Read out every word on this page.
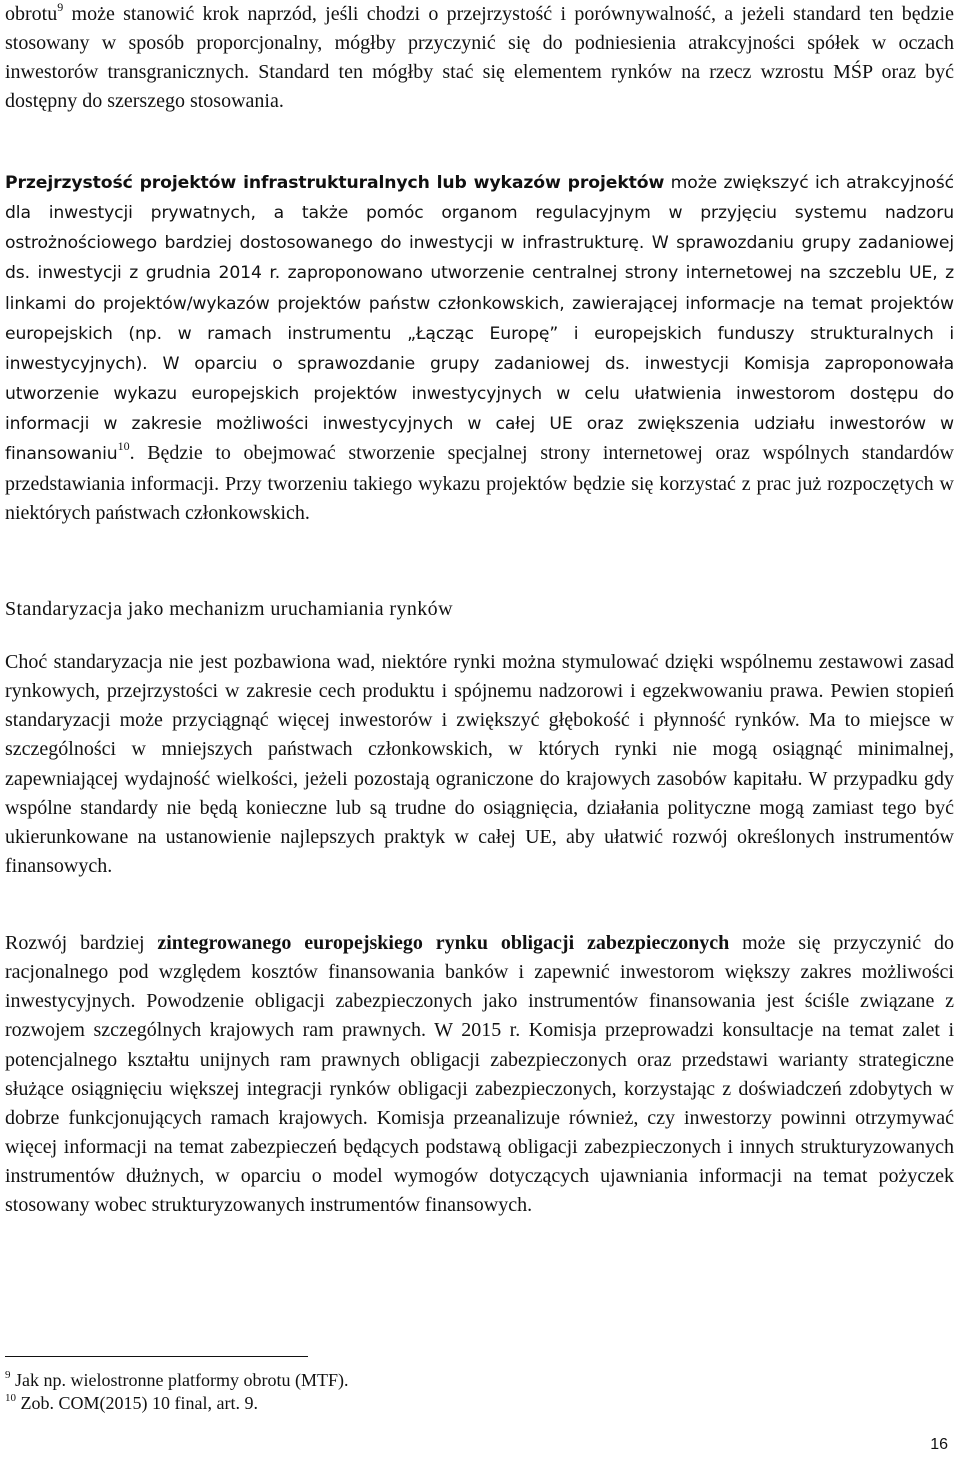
obrotu$^9$ może stanowić krok naprzód, jeśli chodzi o przejrzystość i porównywalność, a jeżeli standard ten będzie stosowany w sposób proporcjonalny, mógłby przyczynić się do podniesienia atrakcyjności spółek w oczach inwestorów transgranicznych. Standard ten mógłby stać się elementem rynków na rzecz wzrostu MŚP oraz być dostępny do szerszego stosowania.

Przejrzystość projektów infrastrukturalnych lub wykazów projektów może zwiększyć ich atrakcyjność dla inwestycji prywatnych, a także pomóc organom regulacyjnym w przyjęciu systemu nadzoru ostrożnościowego bardziej dostosowanego do inwestycji w infrastrukturę. W sprawozdaniu grupy zadaniowej ds. inwestycji z grudnia 2014 r. zaproponowano utworzenie centralnej strony internetowej na szczeblu UE, z linkami do projektów/wykazów projektów państw członkowskich, zawierającej informacje na temat projektów europejskich (np. w ramach instrumentu „Łącząc Europę” i europejskich funduszy strukturalnych i inwestycyjnych). W oparciu o sprawozdanie grupy zadaniowej ds. inwestycji Komisja zaproponowała utworzenie wykazu europejskich projektów inwestycyjnych w celu ułatwienia inwestorom dostępu do informacji w zakresie możliwości inwestycyjnych w całej UE oraz zwiększenia udziału inwestorów w finansowaniu$^{10}$. Będzie to obejmować stworzenie specjalnej strony internetowej oraz wspólnych standardów przedstawiania informacji. Przy tworzeniu takiego wykazu projektów będzie się korzystać z prac już rozpoczętych w niektórych państwach członkowskich.

Standaryzacja jako mechanizm uruchamiania rynków

Choć standaryzacja nie jest pozbawiona wad, niektóre rynki można stymulować dzięki wspólnemu zestawowi zasad rynkowych, przejrzystości w zakresie cech produktu i spójnemu nadzorowi i egzekwowaniu prawa. Pewien stopień standaryzacji może przyciągnąć więcej inwestorów i zwiększyć głębokość i płynność rynków. Ma to miejsce w szczególności w mniejszych państwach członkowskich, w których rynki nie mogą osiągnąć minimalnej, zapewniającej wydajność wielkości, jeżeli pozostają ograniczone do krajowych zasobów kapitału. W przypadku gdy wspólne standardy nie będą konieczne lub są trudne do osiągnięcia, działania polityczne mogą zamiast tego być ukierunkowane na ustanowienie najlepszych praktyk w całej UE, aby ułatwić rozwój określonych instrumentów finansowych.

Rozwój bardziej zintegrowanego europejskiego rynku obligacji zabezpieczonych może się przyczynić do racjonalnego pod względem kosztów finansowania banków i zapewnić inwestorom większy zakres możliwości inwestycyjnych. Powodzenie obligacji zabezpieczonych jako instrumentów finansowania jest ściśle związane z rozwojem szczególnych krajowych ram prawnych. W 2015 r. Komisja przeprowadzi konsultacje na temat zalet i potencjalnego kształtu unijnych ram prawnych obligacji zabezpieczonych oraz przedstawi warianty strategiczne służące osiągnięciu większej integracji rynków obligacji zabezpieczonych, korzystając z doświadczeń zdobytych w dobrze funkcjonujących ramach krajowych. Komisja przeanalizuje również, czy inwestorzy powinni otrzymywać więcej informacji na temat zabezpieczeń będących podstawą obligacji zabezpieczonych i innych strukturyzowanych instrumentów dłużnych, w oparciu o model wymogów dotyczących ujawniania informacji na temat pożyczek stosowany wobec strukturyzowanych instrumentów finansowych.

$^9$ Jak np. wielostronne platformy obrotu (MTF).

$^{10}$ Zob. COM(2015) 10 final, art. 9.

16
